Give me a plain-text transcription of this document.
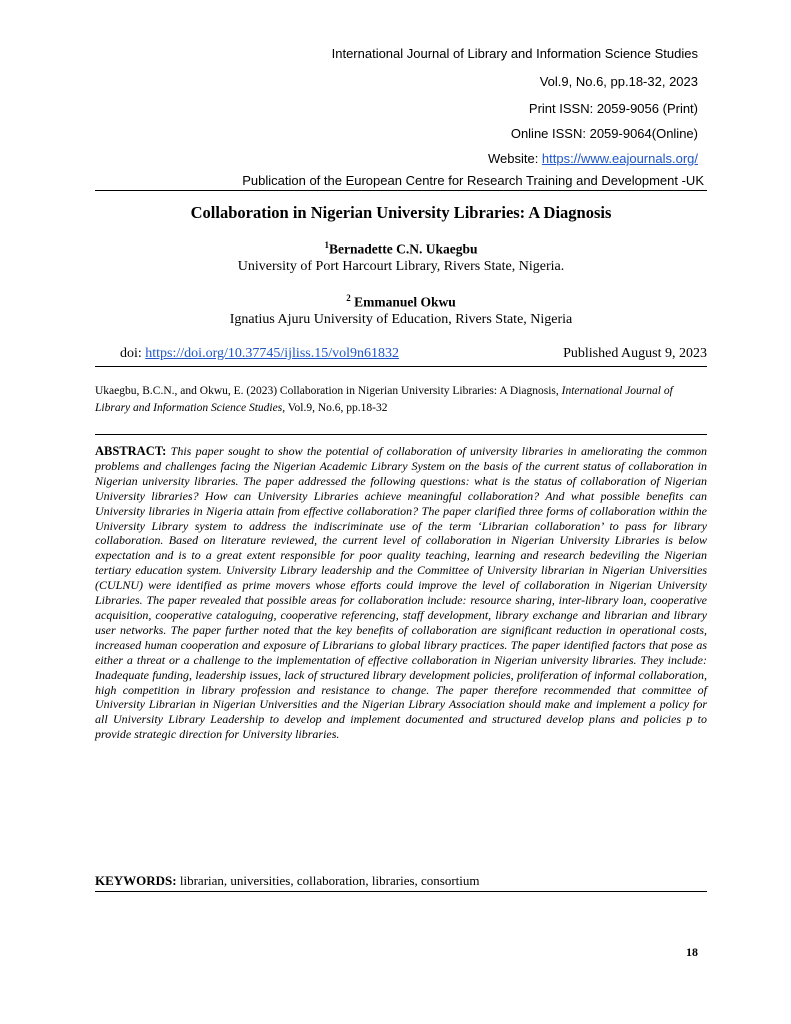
International Journal of Library and Information Science Studies
Vol.9, No.6, pp.18-32, 2023
Print ISSN: 2059-9056 (Print)
Online ISSN: 2059-9064(Online)
Website: https://www.eajournals.org/
Publication of the European Centre for Research Training and Development -UK
Collaboration in Nigerian University Libraries: A Diagnosis
$^1$Bernadette C.N. Ukaegbu
University of Port Harcourt Library, Rivers State, Nigeria.
$^2$ Emmanuel Okwu
Ignatius Ajuru University of Education, Rivers State, Nigeria
doi: https://doi.org/10.37745/ijliss.15/vol9n61832	Published August 9, 2023
Ukaegbu, B.C.N., and Okwu, E. (2023) Collaboration in Nigerian University Libraries: A Diagnosis, International Journal of Library and Information Science Studies, Vol.9, No.6, pp.18-32
ABSTRACT: This paper sought to show the potential of collaboration of university libraries in ameliorating the common problems and challenges facing the Nigerian Academic Library System on the basis of the current status of collaboration in Nigerian university libraries. The paper addressed the following questions: what is the status of collaboration of Nigerian University libraries? How can University Libraries achieve meaningful collaboration? And what possible benefits can University libraries in Nigeria attain from effective collaboration? The paper clarified three forms of collaboration within the University Library system to address the indiscriminate use of the term ‘Librarian collaboration’ to pass for library collaboration. Based on literature reviewed, the current level of collaboration in Nigerian University Libraries is below expectation and is to a great extent responsible for poor quality teaching, learning and research bedeviling the Nigerian tertiary education system. University Library leadership and the Committee of University librarian in Nigerian Universities (CULNU) were identified as prime movers whose efforts could improve the level of collaboration in Nigerian University Libraries. The paper revealed that possible areas for collaboration include: resource sharing, inter-library loan, cooperative acquisition, cooperative cataloguing, cooperative referencing, staff development, library exchange and librarian and library user networks. The paper further noted that the key benefits of collaboration are significant reduction in operational costs, increased human cooperation and exposure of Librarians to global library practices. The paper identified factors that pose as either a threat or a challenge to the implementation of effective collaboration in Nigerian university libraries. They include: Inadequate funding, leadership issues, lack of structured library development policies, proliferation of informal collaboration, high competition in library profession and resistance to change. The paper therefore recommended that committee of University Librarian in Nigerian Universities and the Nigerian Library Association should make and implement a policy for all University Library Leadership to develop and implement documented and structured develop plans and policies p to provide strategic direction for University libraries.
KEYWORDS: librarian, universities, collaboration, libraries, consortium
18
